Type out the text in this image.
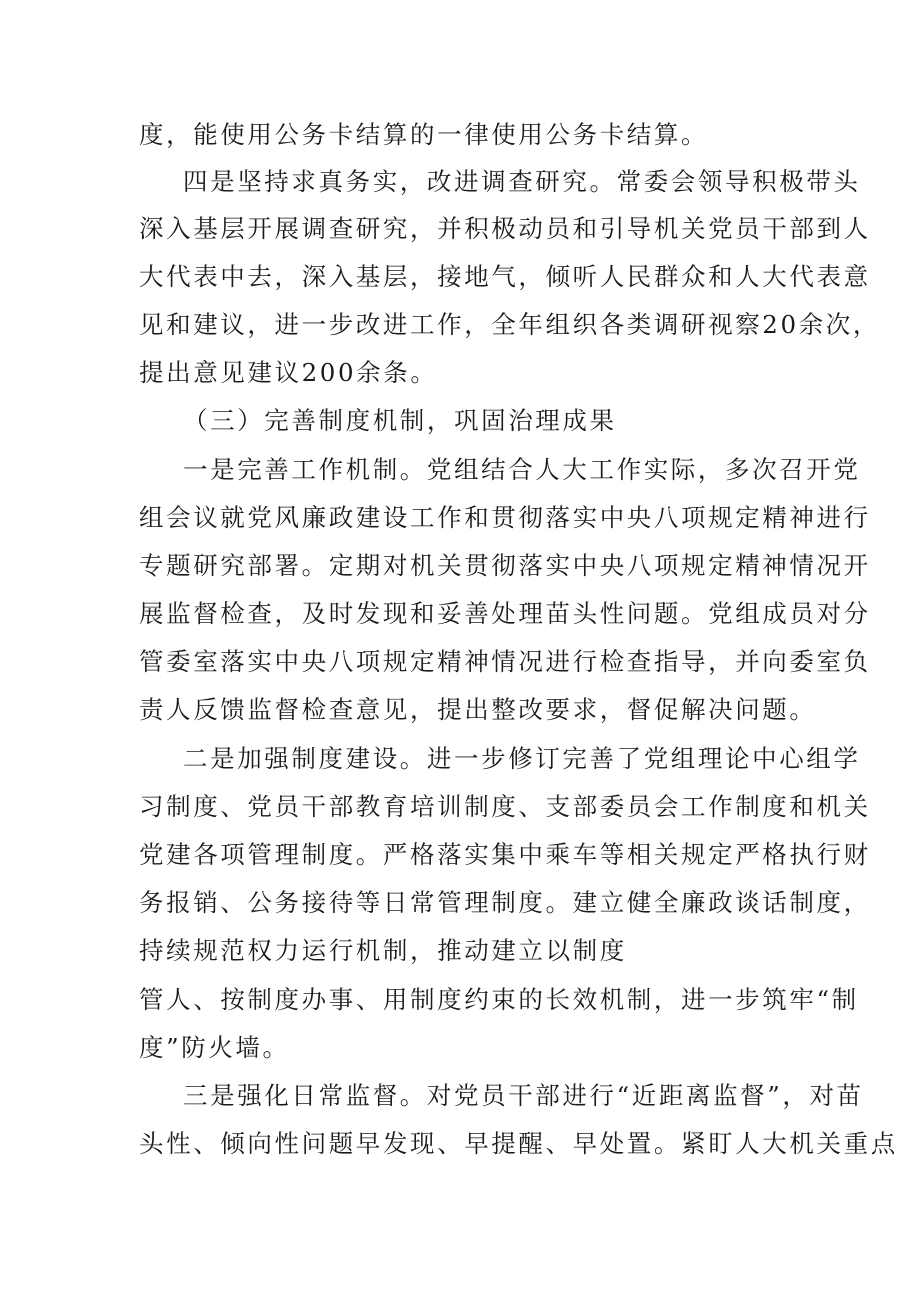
度，能使用公务卡结算的一律使用公务卡结算。
四是坚持求真务实，改进调查研究。常委会领导积极带头
深入基层开展调查研究，并积极动员和引导机关党员干部到人
大代表中去，深入基层，接地气，倾听人民群众和人大代表意
见和建议，进一步改进工作，全年组织各类调研视察20余次，
提出意见建议200余条。
（三）完善制度机制，巩固治理成果
一是完善工作机制。党组结合人大工作实际，多次召开党
组会议就党风廉政建设工作和贯彻落实中央八项规定精神进行
专题研究部署。定期对机关贯彻落实中央八项规定精神情况开
展监督检查，及时发现和妥善处理苗头性问题。党组成员对分
管委室落实中央八项规定精神情况进行检查指导，并向委室负
责人反馈监督检查意见，提出整改要求，督促解决问题。
二是加强制度建设。进一步修订完善了党组理论中心组学
习制度、党员干部教育培训制度、支部委员会工作制度和机关
党建各项管理制度。严格落实集中乘车等相关规定严格执行财
务报销、公务接待等日常管理制度。建立健全廉政谈话制度，
持续规范权力运行机制，推动建立以制度
管人、按制度办事、用制度约束的长效机制，进一步筑牢“制
度”防火墙。
三是强化日常监督。对党员干部进行“近距离监督”，对苗
头性、倾向性问题早发现、早提醒、早处置。紧盯人大机关重点
